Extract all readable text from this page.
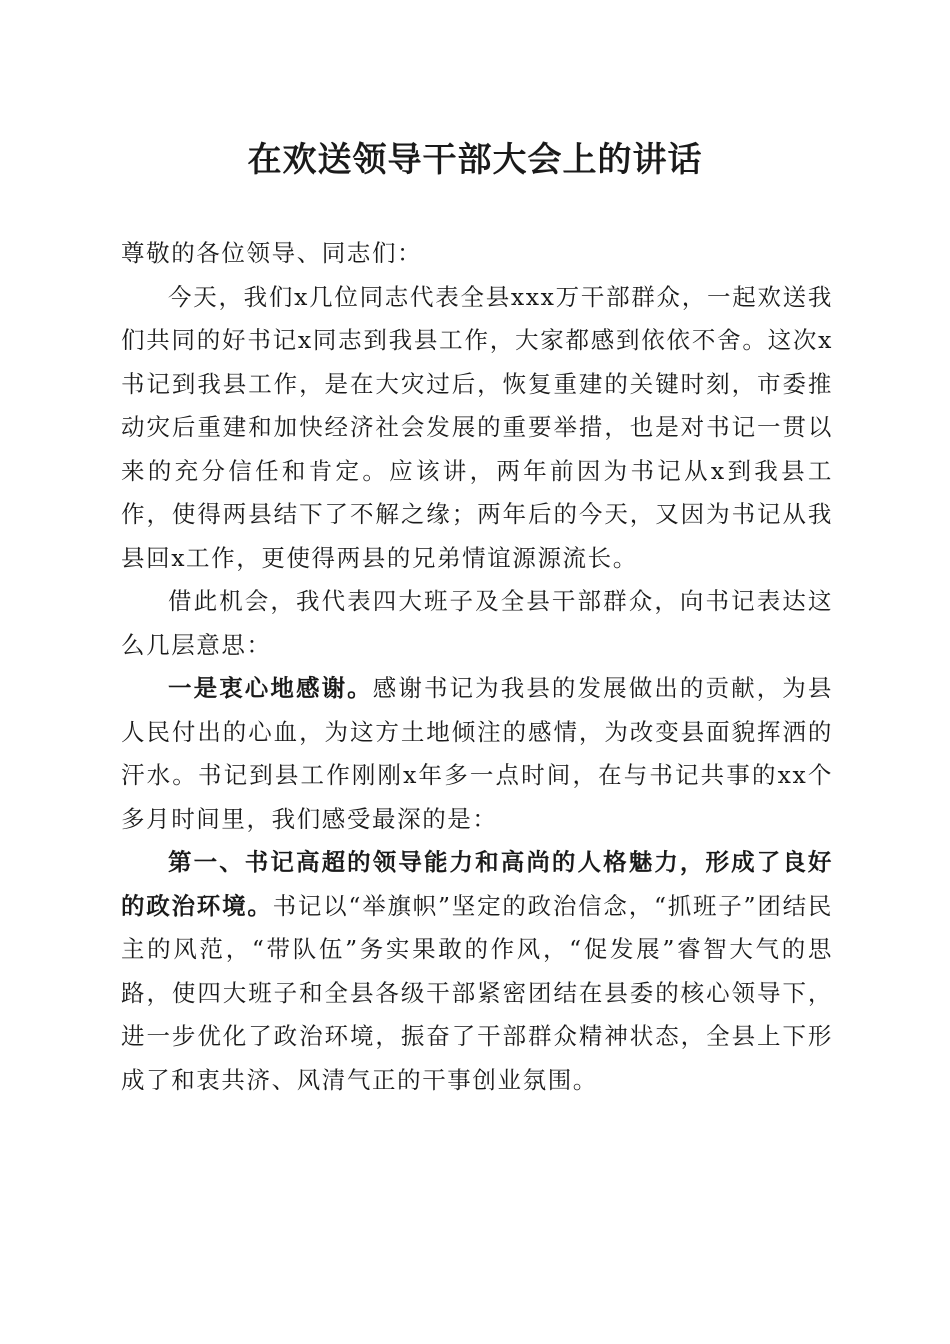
在欢送领导干部大会上的讲话

尊敬的各位领导、同志们：

今天，我们x几位同志代表全县xxx万干部群众，一起欢送我们共同的好书记x同志到我县工作，大家都感到依依不舍。这次x书记到我县工作，是在大灾过后，恢复重建的关键时刻，市委推动灾后重建和加快经济社会发展的重要举措，也是对书记一贯以来的充分信任和肯定。应该讲，两年前因为书记从x到我县工作，使得两县结下了不解之缘；两年后的今天，又因为书记从我县回x工作，更使得两县的兄弟情谊源源流长。

借此机会，我代表四大班子及全县干部群众，向书记表达这么几层意思：

一是衷心地感谢。感谢书记为我县的发展做出的贡献，为县人民付出的心血，为这方土地倾注的感情，为改变县面貌挥洒的汗水。书记到县工作刚刚x年多一点时间，在与书记共事的xx个多月时间里，我们感受最深的是：

第一、书记高超的领导能力和高尚的人格魅力，形成了良好的政治环境。书记以“举旗帜”坚定的政治信念，“抓班子”团结民主的风范，“带队伍”务实果敢的作风，“促发展”睿智大气的思路，使四大班子和全县各级干部紧密团结在县委的核心领导下，进一步优化了政治环境，振奋了干部群众精神状态，全县上下形成了和衷共济、风清气正的干事创业氛围。
